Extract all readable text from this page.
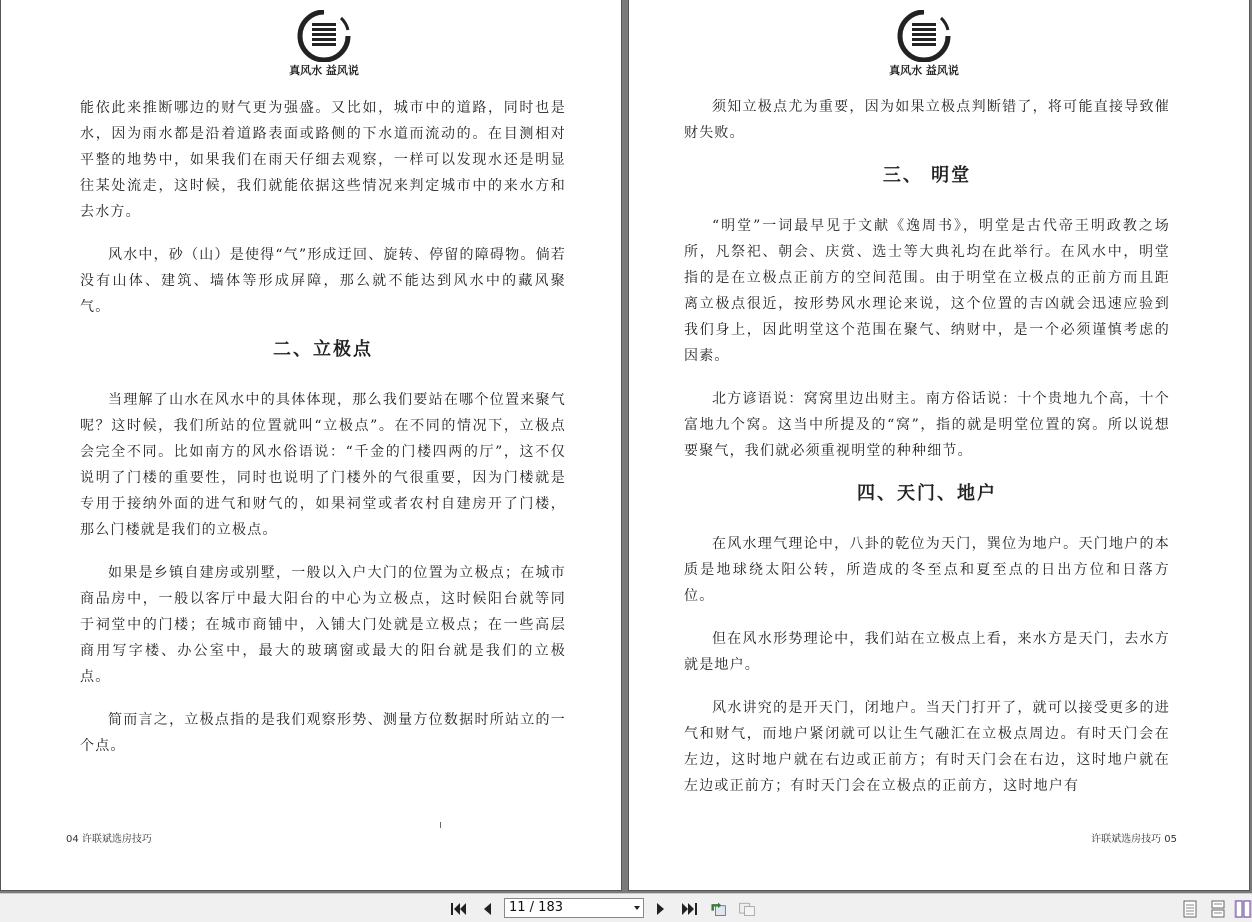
真风水 益风说

能依此来推断哪边的财气更为强盛。又比如，城市中的道路，同时也是水，因为雨水都是沿着道路表面或路侧的下水道而流动的。在目测相对平整的地势中，如果我们在雨天仔细去观察，一样可以发现水还是明显往某处流走，这时候，我们就能依据这些情况来判定城市中的来水方和去水方。

风水中，砂（山）是使得“气”形成迂回、旋转、停留的障碍物。倘若没有山体、建筑、墙体等形成屏障，那么就不能达到风水中的藏风聚气。

二、立极点

当理解了山水在风水中的具体体现，那么我们要站在哪个位置来聚气呢？这时候，我们所站的位置就叫“立极点”。在不同的情况下，立极点会完全不同。比如南方的风水俗语说：“千金的门楼四两的厅”，这不仅说明了门楼的重要性，同时也说明了门楼外的气很重要，因为门楼就是专用于接纳外面的进气和财气的，如果祠堂或者农村自建房开了门楼，那么门楼就是我们的立极点。

如果是乡镇自建房或别墅，一般以入户大门的位置为立极点；在城市商品房中，一般以客厅中最大阳台的中心为立极点，这时候阳台就等同于祠堂中的门楼；在城市商铺中，入铺大门处就是立极点；在一些高层商用写字楼、办公室中，最大的玻璃窗或最大的阳台就是我们的立极点。

简而言之，立极点指的是我们观察形势、测量方位数据时所站立的一个点。

04 许联斌选房技巧
真风水 益风说

须知立极点尤为重要，因为如果立极点判断错了，将可能直接导致催财失败。

三、 明堂

“明堂”一词最早见于文献《逸周书》，明堂是古代帝王明政教之场所，凡祭祀、朝会、庆赏、选士等大典礼均在此举行。在风水中，明堂指的是在立极点正前方的空间范围。由于明堂在立极点的正前方而且距离立极点很近，按形势风水理论来说，这个位置的吉凶就会迅速应验到我们身上，因此明堂这个范围在聚气、纳财中，是一个必须谨慎考虑的因素。

北方谚语说：窝窝里边出财主。南方俗话说：十个贵地九个高，十个富地九个窝。这当中所提及的“窝”，指的就是明堂位置的窝。所以说想要聚气，我们就必须重视明堂的种种细节。

四、天门、地户

在风水理气理论中，八卦的乾位为天门，巽位为地户。天门地户的本质是地球绕太阳公转，所造成的冬至点和夏至点的日出方位和日落方位。

但在风水形势理论中，我们站在立极点上看，来水方是天门，去水方就是地户。

风水讲究的是开天门，闭地户。当天门打开了，就可以接受更多的进气和财气，而地户紧闭就可以让生气融汇在立极点周边。有时天门会在左边，这时地户就在右边或正前方；有时天门会在右边，这时地户就在左边或正前方；有时天门会在立极点的正前方，这时地户有

许联斌选房技巧 05
11 / 183
